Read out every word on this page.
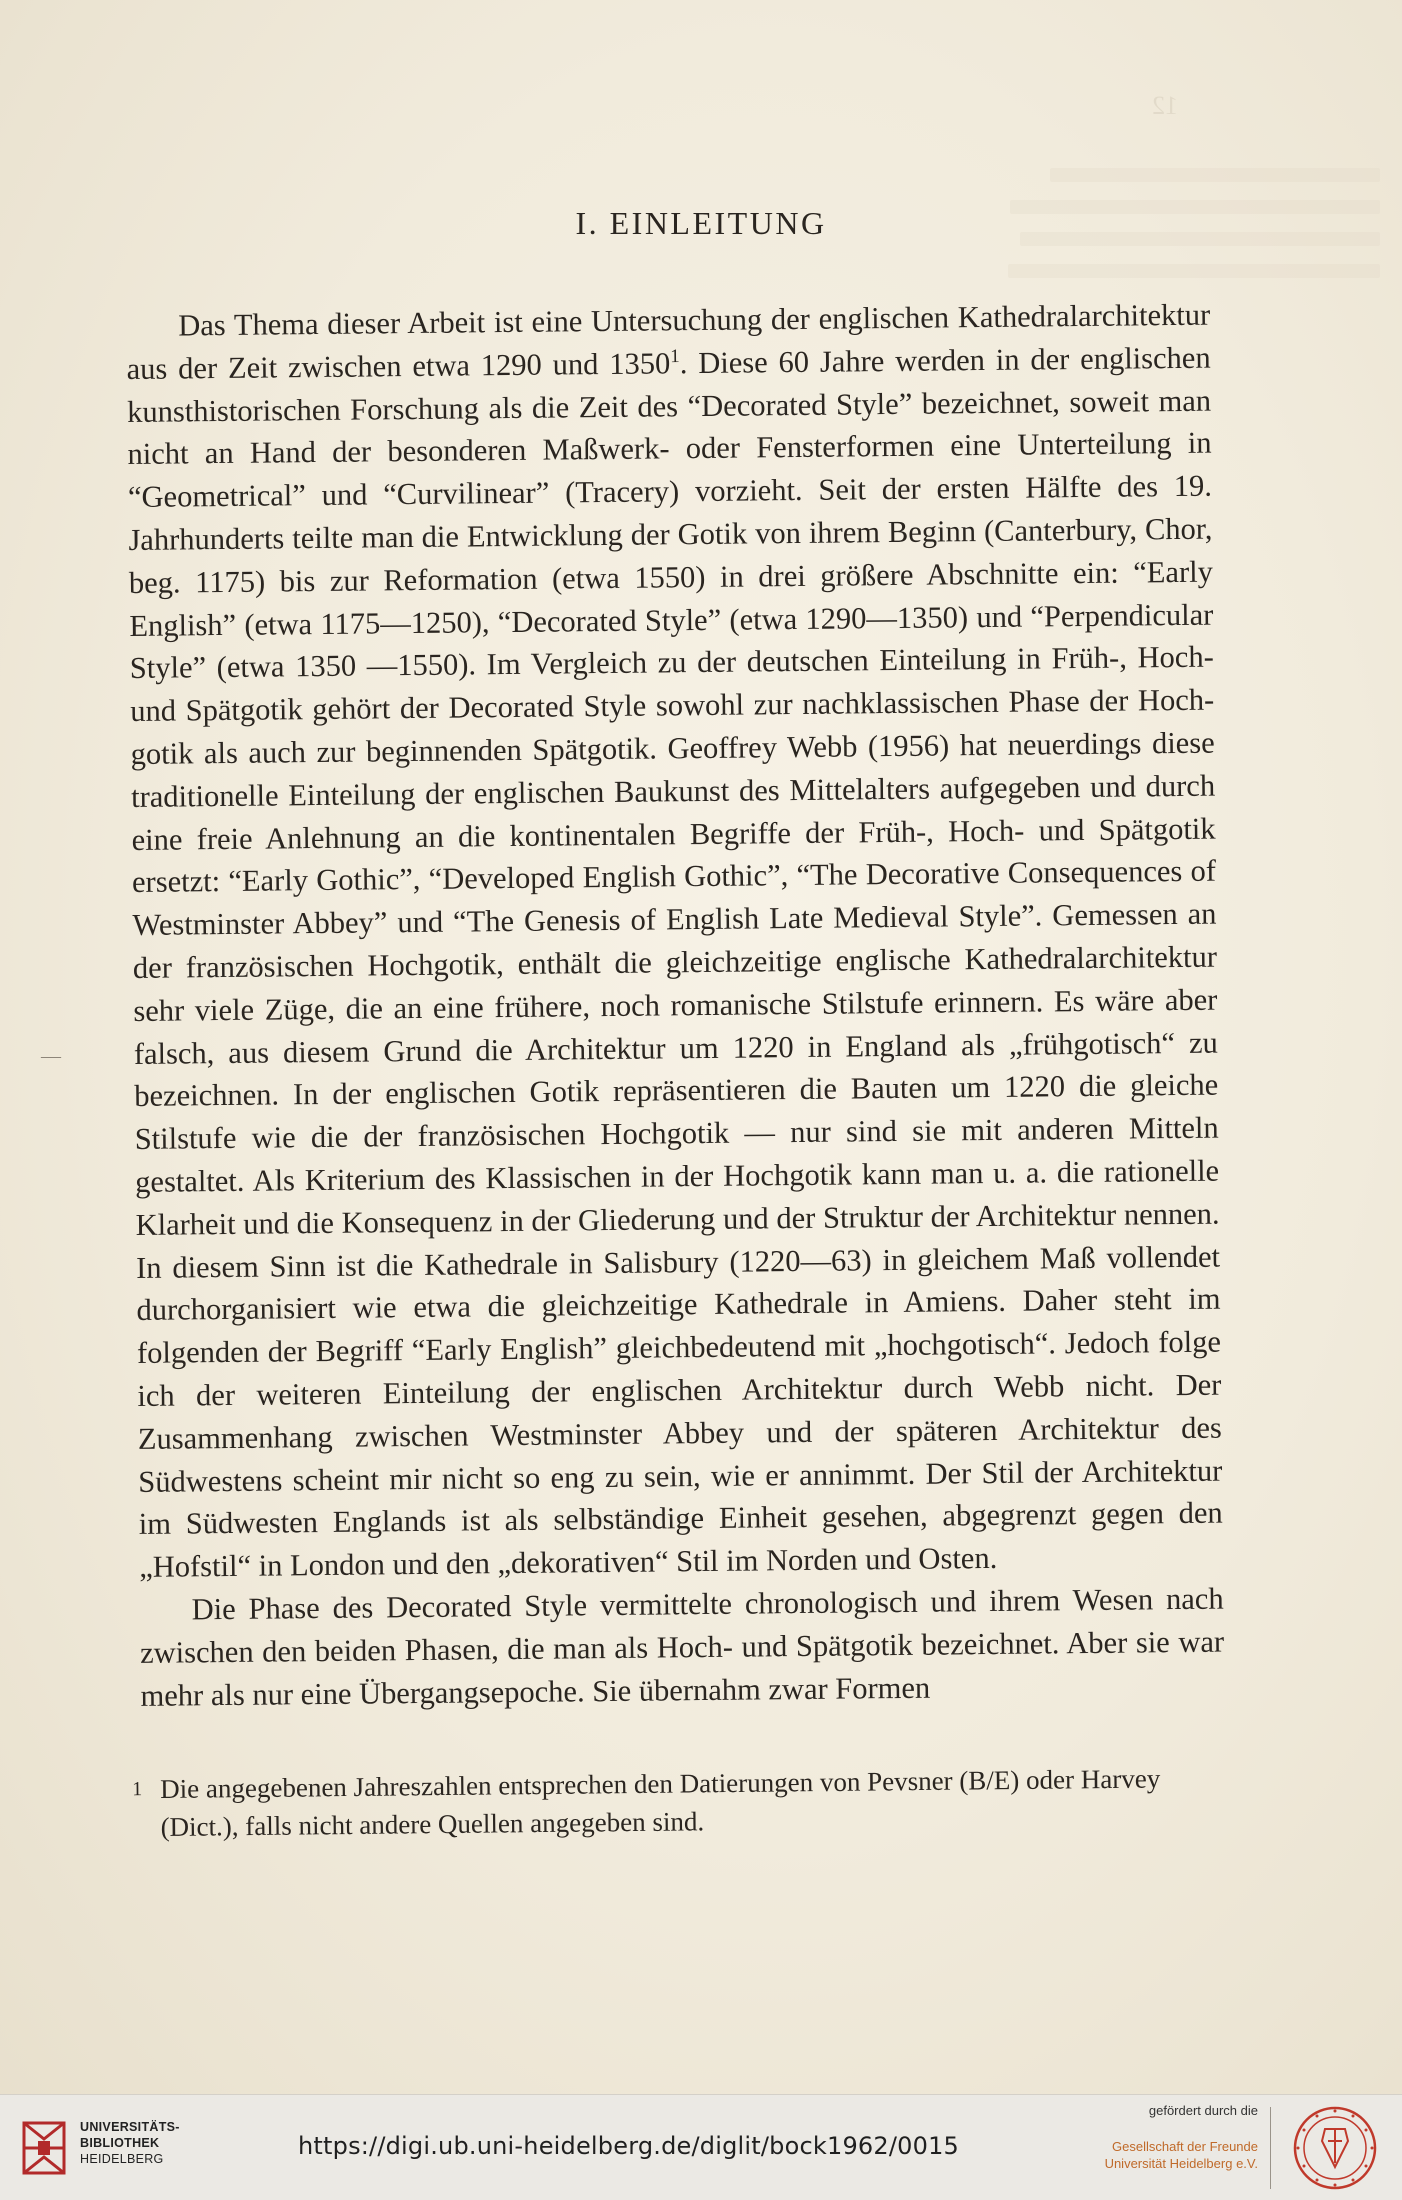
12
I. EINLEITUNG

Das Thema dieser Arbeit ist eine Untersuchung der englischen Kathedralarchitektur aus der Zeit zwischen etwa 1290 und 1350$^1$. Diese 60 Jahre werden in der englischen kunsthistorischen Forschung als die Zeit des “Decorated Style” bezeichnet, soweit man nicht an Hand der besonderen Maßwerk- oder Fensterformen eine Unterteilung in “Geometrical” und “Curvilinear” (Tracery) vorzieht. Seit der ersten Hälfte des 19. Jahrhunderts teilte man die Entwicklung der Gotik von ihrem Beginn (Canterbury, Chor, beg. 1175) bis zur Reformation (etwa 1550) in drei größere Abschnitte ein: “Early English” (etwa 1175—1250), “Decorated Style” (etwa 1290—1350) und “Perpendicular Style” (etwa 1350 —1550). Im Vergleich zu der deutschen Einteilung in Früh-, Hoch- und Spätgotik gehört der Decorated Style sowohl zur nachklassischen Phase der Hochgotik als auch zur beginnenden Spätgotik. Geoffrey Webb (1956) hat neuerdings diese traditionelle Einteilung der englischen Baukunst des Mittelalters aufgegeben und durch eine freie Anlehnung an die kontinentalen Begriffe der Früh-, Hoch- und Spätgotik ersetzt: “Early Gothic”, “Developed English Gothic”, “The Decorative Consequences of Westminster Abbey” und “The Genesis of English Late Medieval Style”. Gemessen an der französischen Hochgotik, enthält die gleichzeitige englische Kathedralarchitektur sehr viele Züge, die an eine frühere, noch romanische Stilstufe erinnern. Es wäre aber falsch, aus diesem Grund die Architektur um 1220 in England als „frühgotisch“ zu bezeichnen. In der englischen Gotik repräsentieren die Bauten um 1220 die gleiche Stilstufe wie die der französischen Hochgotik — nur sind sie mit anderen Mitteln gestaltet. Als Kriterium des Klassischen in der Hochgotik kann man u. a. die rationelle Klarheit und die Konsequenz in der Gliederung und der Struktur der Architektur nennen. In diesem Sinn ist die Kathedrale in Salisbury (1220—63) in gleichem Maß vollendet durchorganisiert wie etwa die gleichzeitige Kathedrale in Amiens. Daher steht im folgenden der Begriff “Early English” gleichbedeutend mit „hochgotisch“. Jedoch folge ich der weiteren Einteilung der englischen Architektur durch Webb nicht. Der Zusammenhang zwischen Westminster Abbey und der späteren Architektur des Südwestens scheint mir nicht so eng zu sein, wie er annimmt. Der Stil der Architektur im Südwesten Englands ist als selbständige Einheit gesehen, abgegrenzt gegen den „Hofstil“ in London und den „dekorativen“ Stil im Norden und Osten.

Die Phase des Decorated Style vermittelte chronologisch und ihrem Wesen nach zwischen den beiden Phasen, die man als Hoch- und Spätgotik bezeichnet. Aber sie war mehr als nur eine Übergangsepoche. Sie übernahm zwar Formen

—
1 Die angegebenen Jahreszahlen entsprechen den Datierungen von Pevsner (B/E) oder Harvey (Dict.), falls nicht andere Quellen angegeben sind.
UNIVERSITÄTS-
BIBLIOTHEK
HEIDELBERG	https://digi.ub.uni-heidelberg.de/diglit/bock1962/0015
gefördert durch die
Gesellschaft der Freunde
Universität Heidelberg e.V.
